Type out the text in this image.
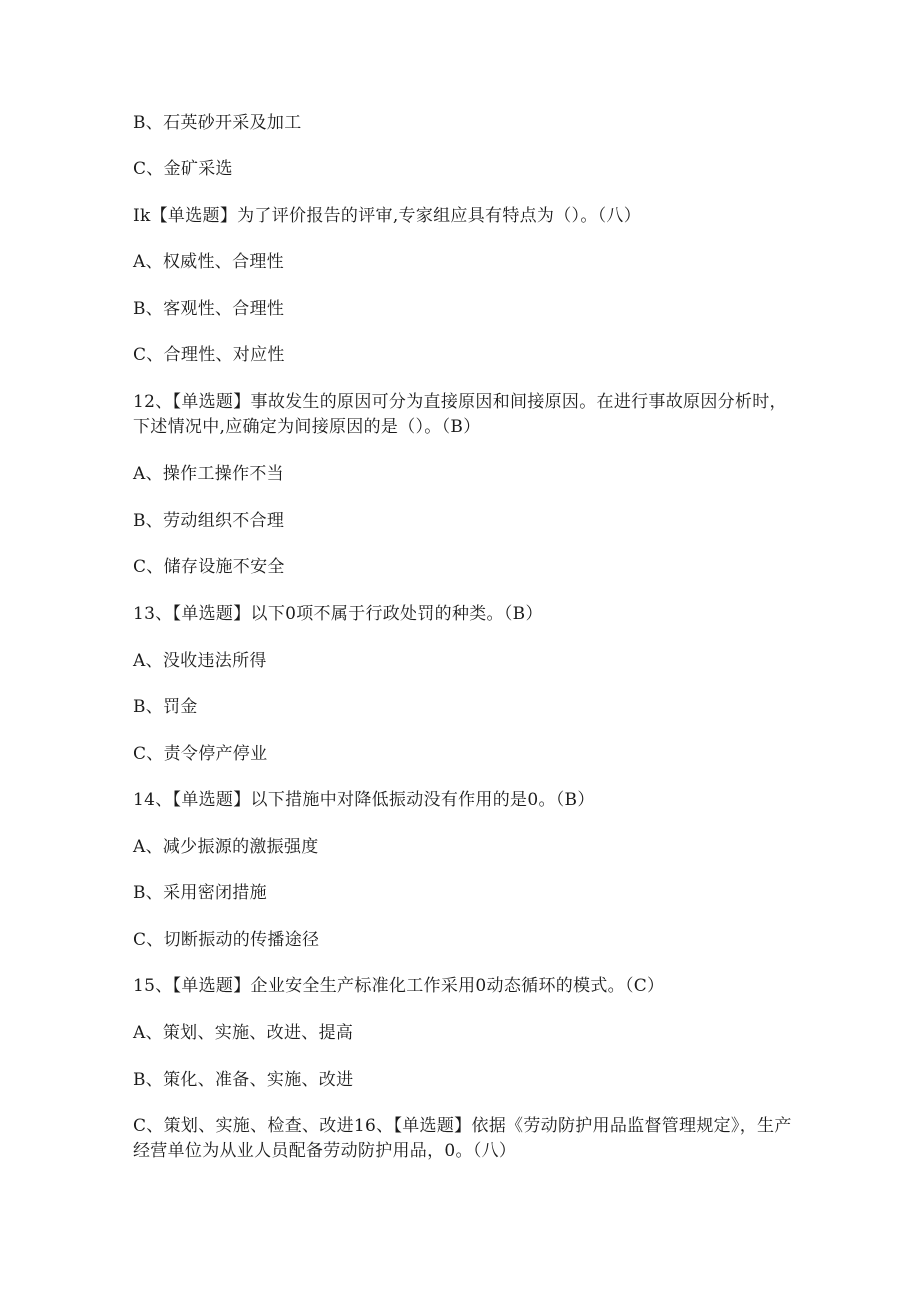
B、石英砂开采及加工
C、金矿采选
Ik【单选题】为了评价报告的评审,专家组应具有特点为（）。（八）
A、权威性、合理性
B、客观性、合理性
C、合理性、对应性
12、【单选题】事故发生的原因可分为直接原因和间接原因。在进行事故原因分析时，下述情况中,应确定为间接原因的是（）。（B）
A、操作工操作不当
B、劳动组织不合理
C、储存设施不安全
13、【单选题】以下0项不属于行政处罚的种类。（B）
A、没收违法所得
B、罚金
C、责令停产停业
14、【单选题】以下措施中对降低振动没有作用的是0。（B）
A、减少振源的激振强度
B、采用密闭措施
C、切断振动的传播途径
15、【单选题】企业安全生产标准化工作采用0动态循环的模式。（C）
A、策划、实施、改进、提高
B、策化、准备、实施、改进
C、策划、实施、检查、改进16、【单选题】依据《劳动防护用品监督管理规定》，生产经营单位为从业人员配备劳动防护用品，0。（八）
